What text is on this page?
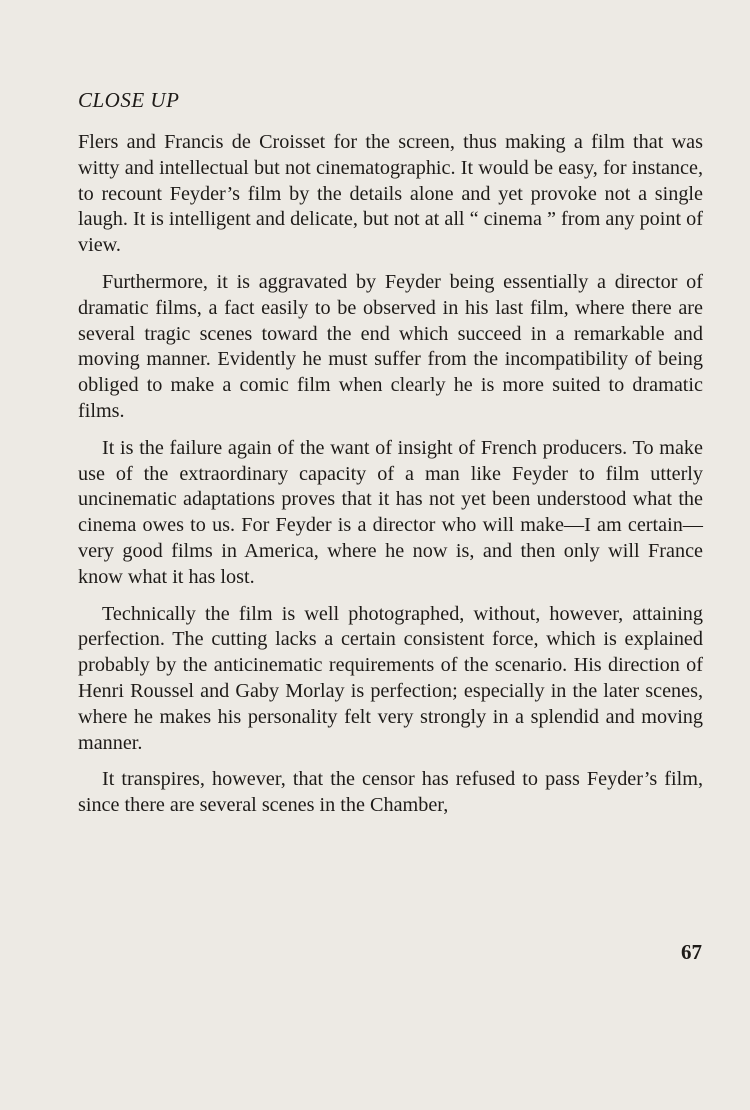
CLOSE UP

Flers and Francis de Croisset for the screen, thus making a film that was witty and intellectual but not cinematographic. It would be easy, for instance, to recount Feyder’s film by the details alone and yet provoke not a single laugh. It is intelligent and delicate, but not at all “ cinema ” from any point of view.

Furthermore, it is aggravated by Feyder being essentially a director of dramatic films, a fact easily to be observed in his last film, where there are several tragic scenes toward the end which succeed in a remarkable and moving manner. Evidently he must suffer from the incompatibility of being obliged to make a comic film when clearly he is more suited to dramatic films.

It is the failure again of the want of insight of French producers. To make use of the extraordinary capacity of a man like Feyder to film utterly uncinematic adaptations proves that it has not yet been understood what the cinema owes to us. For Feyder is a director who will make—I am certain—very good films in America, where he now is, and then only will France know what it has lost.

Technically the film is well photographed, without, however, attaining perfection. The cutting lacks a certain consistent force, which is explained probably by the anticinematic requirements of the scenario. His direction of Henri Roussel and Gaby Morlay is perfection; especially in the later scenes, where he makes his personality felt very strongly in a splendid and moving manner.

It transpires, however, that the censor has refused to pass Feyder’s film, since there are several scenes in the Chamber,

67
